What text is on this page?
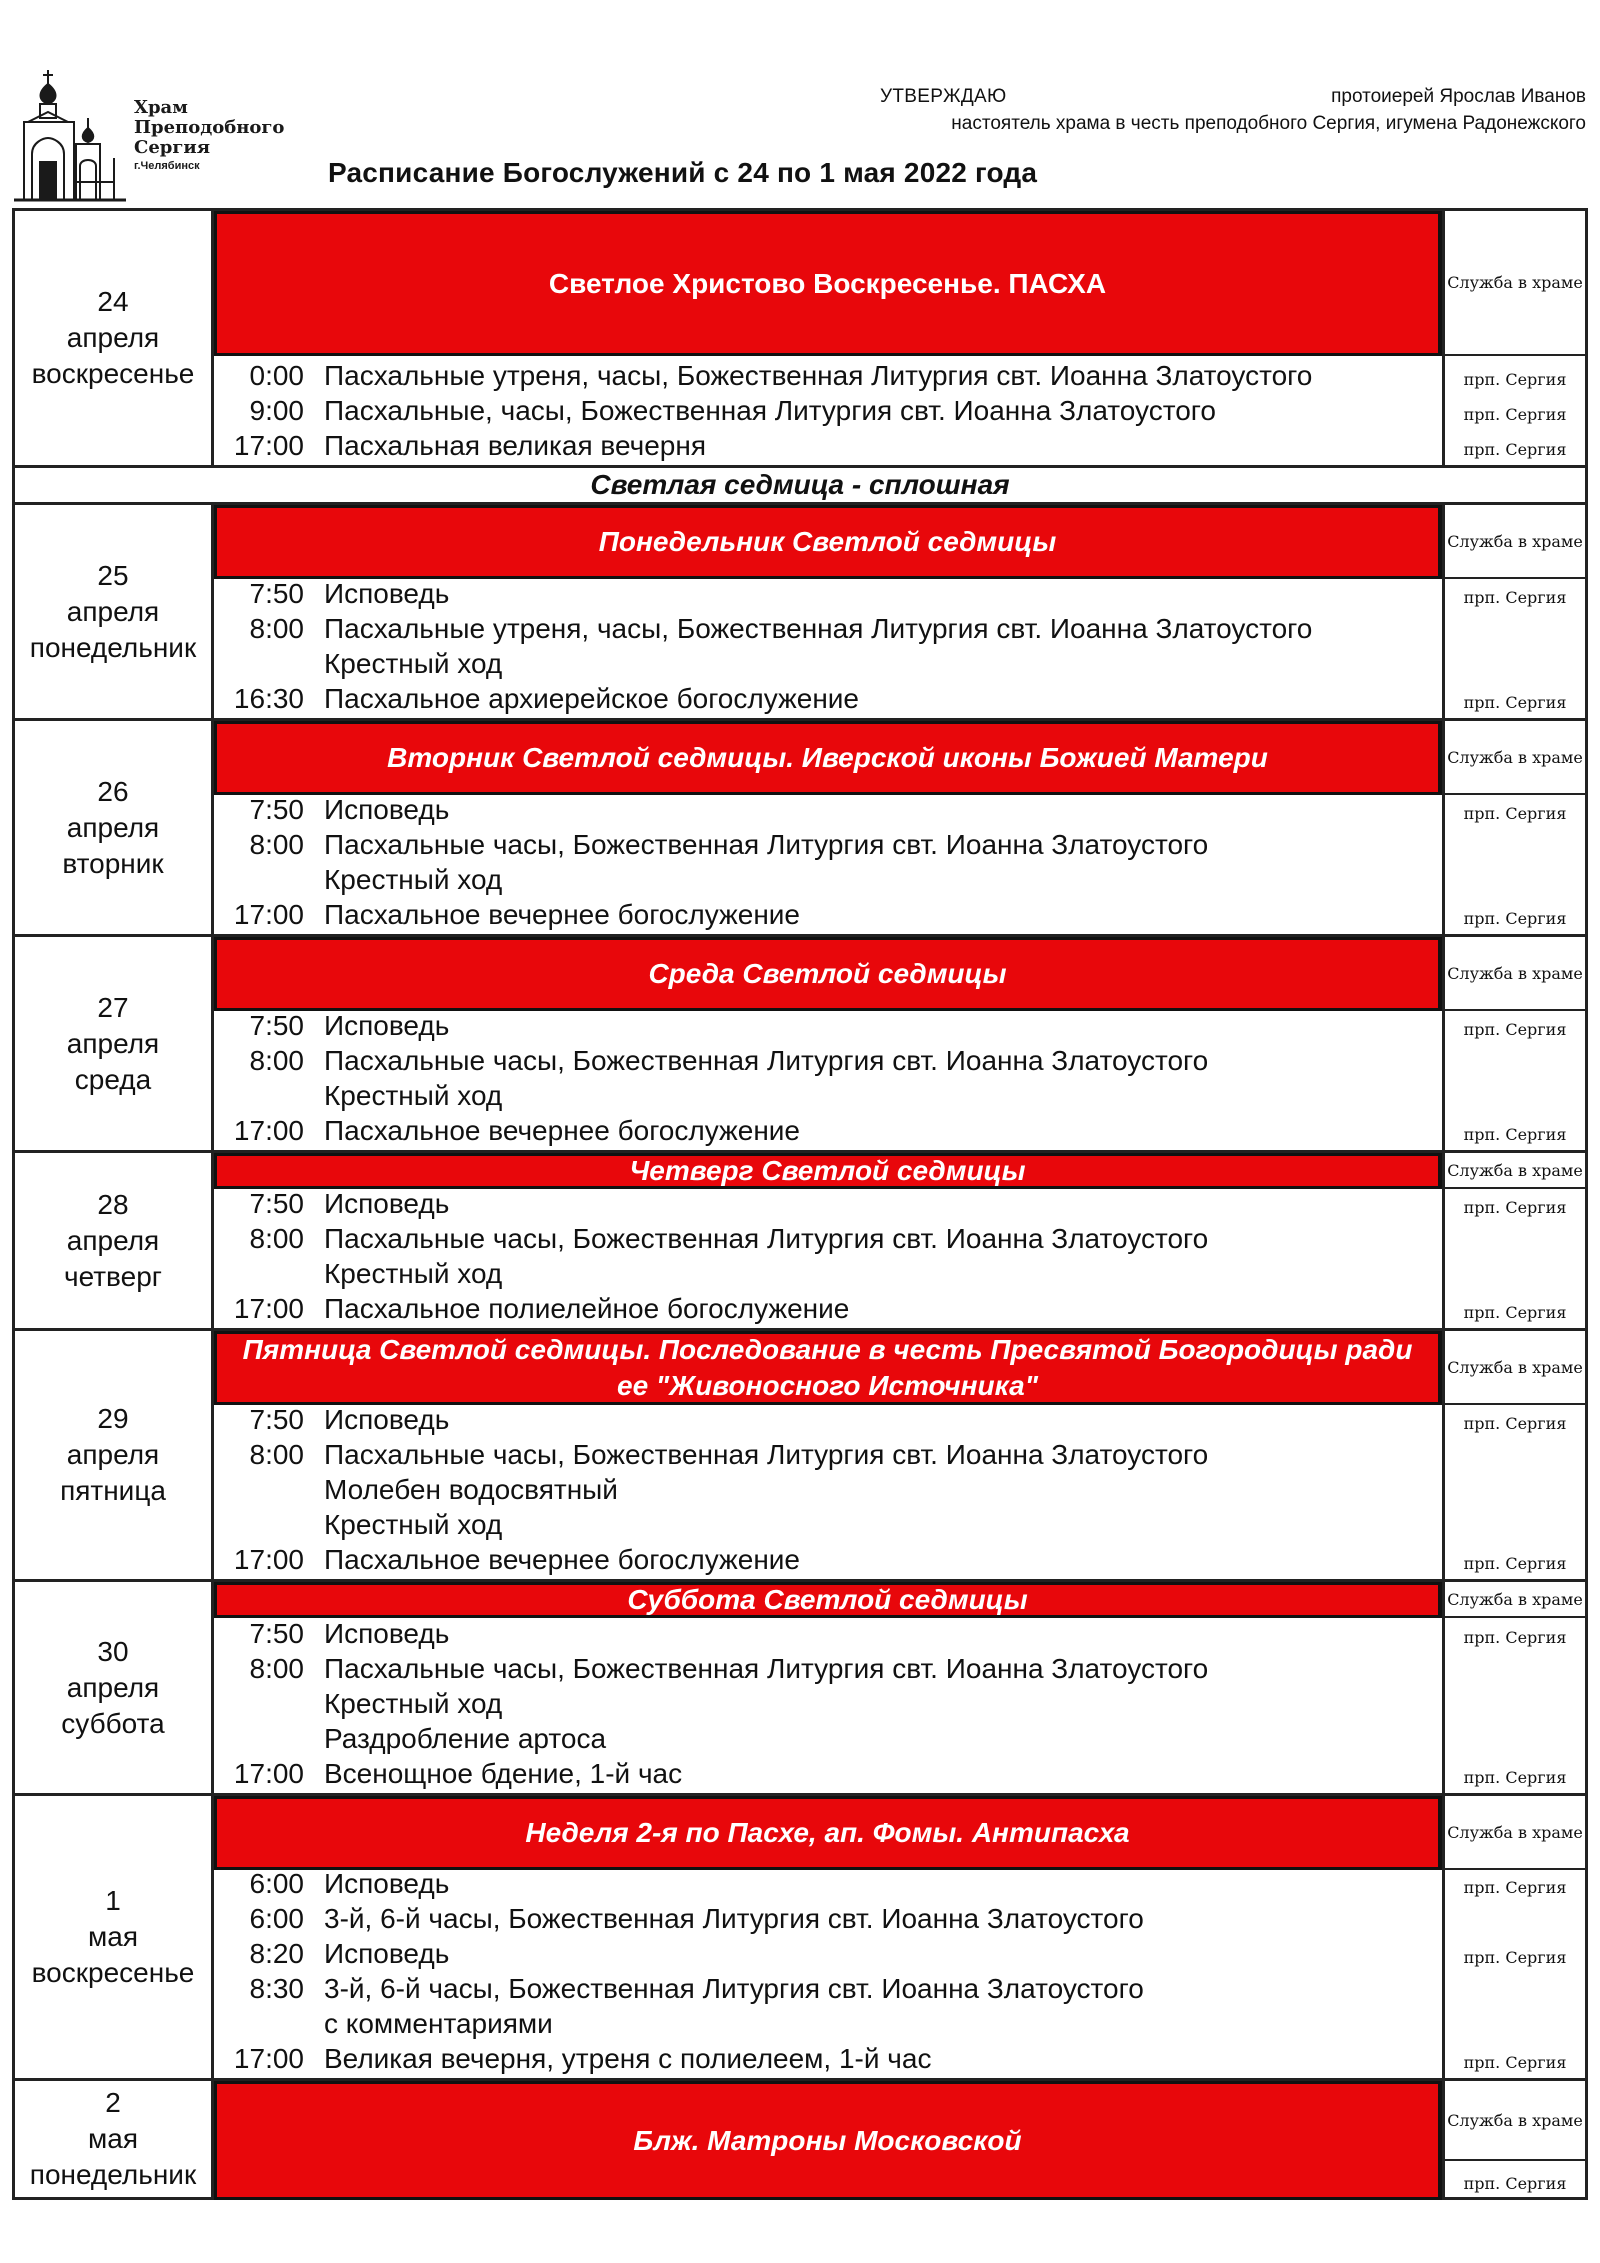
Храм
Преподобного
Сергия
г.Челябинск
УТВЕРЖДАЮ	протоиерей Ярослав Иванов
настоятель храма в честь преподобного Сергия, игумена Радонежского
Расписание Богослужений с 24 по 1 мая 2022 года
24
апреля
воскресенье
Светлое Христово Воскресенье. ПАСХА
0:00 Пасхальные утреня, часы, Божественная Литургия свт. Иоанна Златоустого
9:00 Пасхальные, часы, Божественная Литургия свт. Иоанна Златоустого
17:00 Пасхальная великая вечерня
Служба в храме
прп. Сергия
прп. Сергия
прп. Сергия
Светлая седмица - сплошная
25
апреля
понедельник
Понедельник Светлой седмицы
7:50 Исповедь
8:00 Пасхальные утреня, часы, Божественная Литургия свт. Иоанна Златоустого
Крестный ход
16:30 Пасхальное архиерейское богослужение
Служба в храме
прп. Сергия
прп. Сергия
26
апреля
вторник
Вторник Светлой седмицы. Иверской иконы Божией Матери
7:50 Исповедь
8:00 Пасхальные часы, Божественная Литургия свт. Иоанна Златоустого
Крестный ход
17:00 Пасхальное вечернее богослужение
Служба в храме
прп. Сергия
прп. Сергия
27
апреля
среда
Среда Светлой седмицы
7:50 Исповедь
8:00 Пасхальные часы, Божественная Литургия свт. Иоанна Златоустого
Крестный ход
17:00 Пасхальное вечернее богослужение
Служба в храме
прп. Сергия
прп. Сергия
28
апреля
четверг
Четверг Светлой седмицы
7:50 Исповедь
8:00 Пасхальные часы, Божественная Литургия свт. Иоанна Златоустого
Крестный ход
17:00 Пасхальное полиелейное богослужение
Служба в храме
прп. Сергия
прп. Сергия
29
апреля
пятница
Пятница Светлой седмицы. Последование в честь Пресвятой Богородицы ради ее "Живоносного Источника"
7:50 Исповедь
8:00 Пасхальные часы, Божественная Литургия свт. Иоанна Златоустого
Молебен водосвятный
Крестный ход
17:00 Пасхальное вечернее богослужение
Служба в храме
прп. Сергия
прп. Сергия
30
апреля
суббота
Суббота Светлой седмицы
7:50 Исповедь
8:00 Пасхальные часы, Божественная Литургия свт. Иоанна Златоустого
Крестный ход
Раздробление артоса
17:00 Всенощное бдение, 1-й час
Служба в храме
прп. Сергия
прп. Сергия
1
мая
воскресенье
Неделя 2-я по Пасхе, ап. Фомы. Антипасха
6:00 Исповедь
6:00 3-й, 6-й часы, Божественная Литургия свт. Иоанна Златоустого
8:20 Исповедь
8:30 3-й, 6-й часы, Божественная Литургия свт. Иоанна Златоустого
с комментариями
17:00 Великая вечерня, утреня с полиелеем, 1-й час
Служба в храме
прп. Сергия
прп. Сергия
прп. Сергия
2
мая
понедельник
Блж. Матроны Московской
Служба в храме
прп. Сергия
